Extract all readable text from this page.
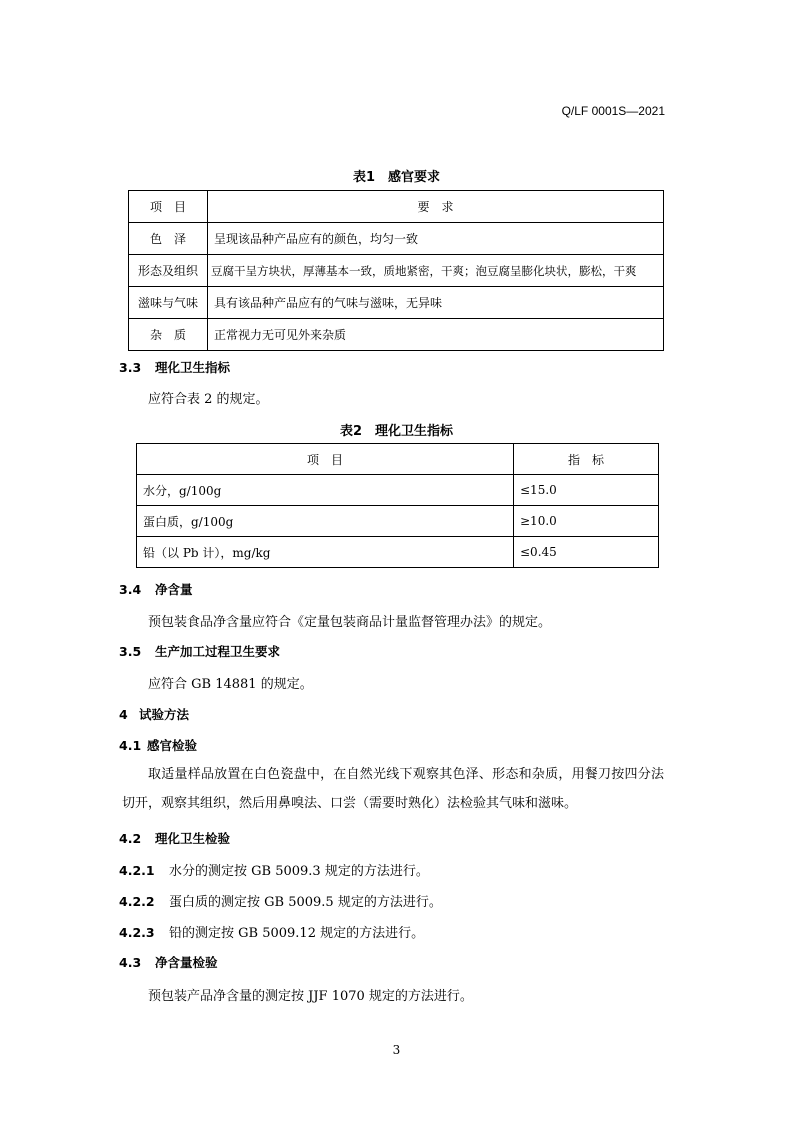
Q/LF 0001S—2021
表1　感官要求
项　目	要　求
色　泽	呈现该品种产品应有的颜色，均匀一致
形态及组织	豆腐干呈方块状，厚薄基本一致，质地紧密，干爽；泡豆腐呈膨化块状，膨松，干爽
滋味与气味	具有该品种产品应有的气味与滋味，无异味
杂　质	正常视力无可见外来杂质
3.3 理化卫生指标
应符合表 2 的规定。
表2　理化卫生指标
项　目	指　标
水分，g/100g	≤15.0
蛋白质，g/100g	≥10.0
铅（以 Pb 计），mg/kg	≤0.45
3.4 净含量
预包装食品净含量应符合《定量包装商品计量监督管理办法》的规定。
3.5 生产加工过程卫生要求
应符合 GB 14881 的规定。
4 试验方法
4.1 感官检验
取适量样品放置在白色瓷盘中，在自然光线下观察其色泽、形态和杂质，用餐刀按四分法切开，观察其组织，然后用鼻嗅法、口尝（需要时熟化）法检验其气味和滋味。
4.2 理化卫生检验
4.2.1 水分的测定按 GB 5009.3 规定的方法进行。
4.2.2 蛋白质的测定按 GB 5009.5 规定的方法进行。
4.2.3 铅的测定按 GB 5009.12 规定的方法进行。
4.3 净含量检验
预包装产品净含量的测定按 JJF 1070 规定的方法进行。
3
